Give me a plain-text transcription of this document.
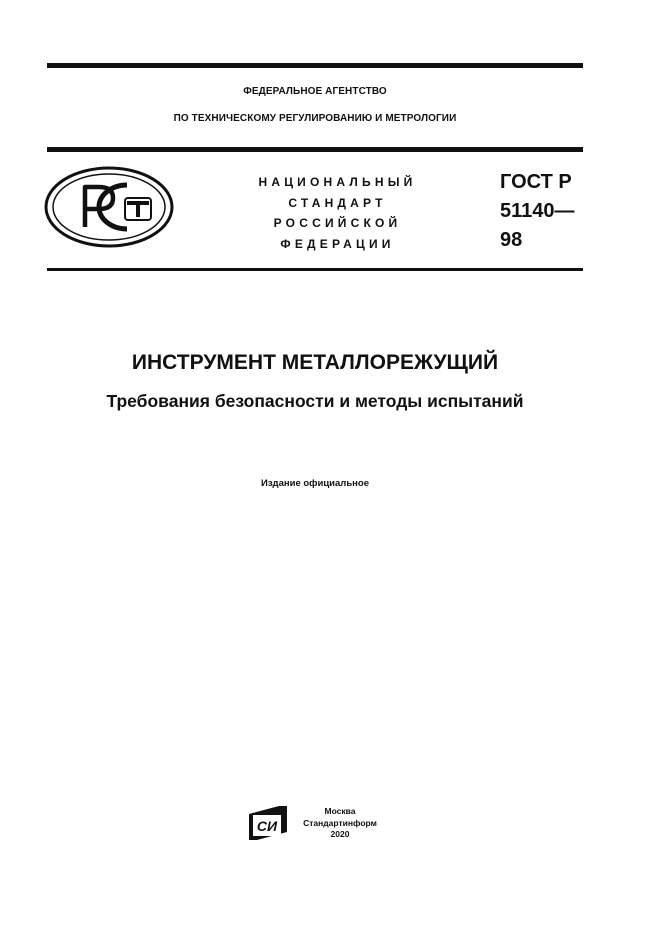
ФЕДЕРАЛЬНОЕ АГЕНТСТВО
ПО ТЕХНИЧЕСКОМУ РЕГУЛИРОВАНИЮ И МЕТРОЛОГИИ
НАЦИОНАЛЬНЫЙ
СТАНДАРТ
РОССИЙСКОЙ
ФЕДЕРАЦИИ
ГОСТ Р
51140—
98
ИНСТРУМЕНТ МЕТАЛЛОРЕЖУЩИЙ
Требования безопасности и методы испытаний
Издание официальное
СИ
Москва
Стандартинформ
2020
